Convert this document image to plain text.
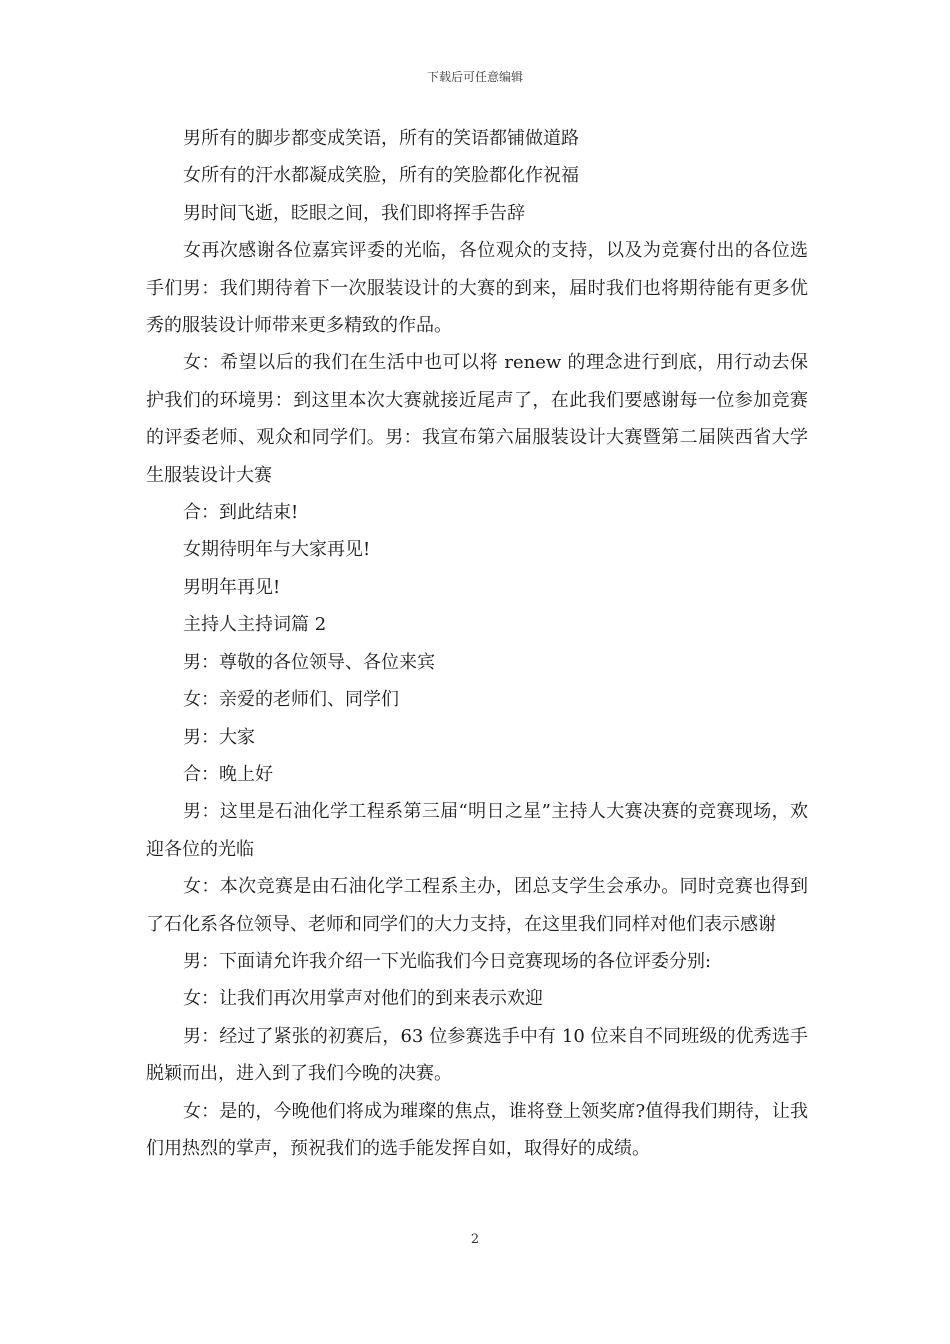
下载后可任意编辑

男所有的脚步都变成笑语，所有的笑语都铺做道路

女所有的汗水都凝成笑脸，所有的笑脸都化作祝福

男时间飞逝，眨眼之间，我们即将挥手告辞

女再次感谢各位嘉宾评委的光临，各位观众的支持，以及为竞赛付出的各位选手们男：我们期待着下一次服装设计的大赛的到来，届时我们也将期待能有更多优秀的服装设计师带来更多精致的作品。

女：希望以后的我们在生活中也可以将 renew 的理念进行到底，用行动去保护我们的环境男：到这里本次大赛就接近尾声了，在此我们要感谢每一位参加竞赛的评委老师、观众和同学们。男：我宣布第六届服装设计大赛暨第二届陕西省大学生服装设计大赛

合：到此结束!

女期待明年与大家再见!

男明年再见!

主持人主持词篇 2

男：尊敬的各位领导、各位来宾

女：亲爱的老师们、同学们

男：大家

合：晚上好

男：这里是石油化学工程系第三届“明日之星”主持人大赛决赛的竞赛现场，欢迎各位的光临

女：本次竞赛是由石油化学工程系主办，团总支学生会承办。同时竞赛也得到了石化系各位领导、老师和同学们的大力支持，在这里我们同样对他们表示感谢

男：下面请允许我介绍一下光临我们今日竞赛现场的各位评委分别:

女：让我们再次用掌声对他们的到来表示欢迎

男：经过了紧张的初赛后，63 位参赛选手中有 10 位来自不同班级的优秀选手脱颖而出，进入到了我们今晚的决赛。

女：是的，今晚他们将成为璀璨的焦点，谁将登上领奖席?值得我们期待，让我们用热烈的掌声，预祝我们的选手能发挥自如，取得好的成绩。

2
